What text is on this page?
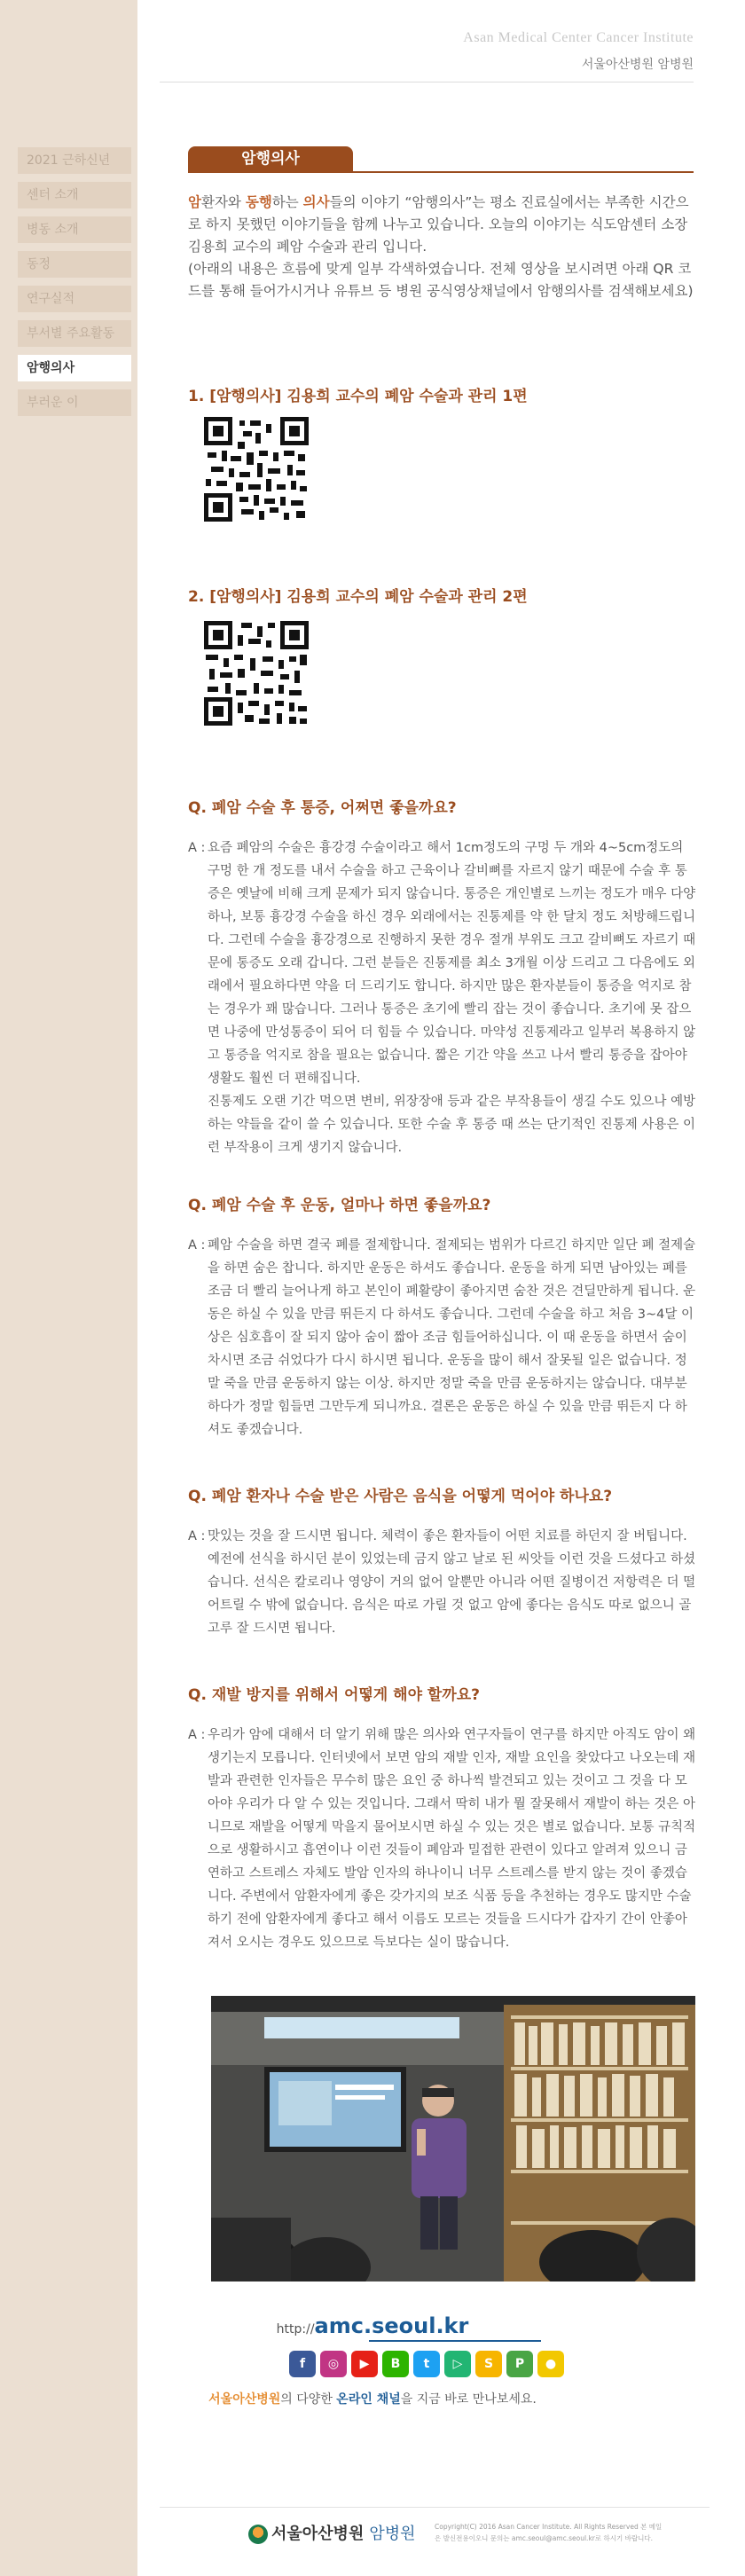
2021 근하신년
센터 소개
병동 소개
동정
연구실적
부서별 주요활동
암행의사
부러운 이
Asan Medical Center Cancer Institute
서울아산병원 암병원
암행의사
암환자와 동행하는 의사들의 이야기 “암행의사”는 평소 진료실에서는 부족한 시간으로 하지 못했던 이야기들을 함께 나누고 있습니다. 오늘의 이야기는 식도암센터 소장 김용희 교수의 폐암 수술과 관리 입니다.
(아래의 내용은 흐름에 맞게 일부 각색하였습니다. 전체 영상을 보시려면 아래 QR 코드를 통해 들어가시거나 유튜브 등 병원 공식영상채널에서 암행의사를 검색해보세요)
1. [암행의사] 김용희 교수의 폐암 수술과 관리 1편
2. [암행의사] 김용희 교수의 폐암 수술과 관리 2편
Q. 폐암 수술 후 통증, 어쩌면 좋을까요?
A : 요즘 폐암의 수술은 흉강경 수술이라고 해서 1cm정도의 구멍 두 개와 4~5cm정도의 구멍 한 개 정도를 내서 수술을 하고 근육이나 갈비뼈를 자르지 않기 때문에 수술 후 통증은 옛날에 비해 크게 문제가 되지 않습니다. 통증은 개인별로 느끼는 정도가 매우 다양하나, 보통 흉강경 수술을 하신 경우 외래에서는 진통제를 약 한 달치 정도 처방해드립니다. 그런데 수술을 흉강경으로 진행하지 못한 경우 절개 부위도 크고 갈비뼈도 자르기 때문에 통증도 오래 갑니다. 그런 분들은 진통제를 최소 3개월 이상 드리고 그 다음에도 외래에서 필요하다면 약을 더 드리기도 합니다. 하지만 많은 환자분들이 통증을 억지로 참는 경우가 꽤 많습니다. 그러나 통증은 초기에 빨리 잡는 것이 좋습니다. 초기에 못 잡으면 나중에 만성통증이 되어 더 힘들 수 있습니다. 마약성 진통제라고 일부러 복용하지 않고 통증을 억지로 참을 필요는 없습니다. 짧은 기간 약을 쓰고 나서 빨리 통증을 잡아야 생활도 훨씬 더 편해집니다.

진통제도 오랜 기간 먹으면 변비, 위장장애 등과 같은 부작용들이 생길 수도 있으나 예방하는 약들을 같이 쓸 수 있습니다. 또한 수술 후 통증 때 쓰는 단기적인 진통제 사용은 이런 부작용이 크게 생기지 않습니다.

Q. 폐암 수술 후 운동, 얼마나 하면 좋을까요?
A : 폐암 수술을 하면 결국 폐를 절제합니다. 절제되는 범위가 다르긴 하지만 일단 폐 절제술을 하면 숨은 찹니다. 하지만 운동은 하셔도 좋습니다. 운동을 하게 되면 남아있는 폐를 조금 더 빨리 늘어나게 하고 본인이 폐활량이 좋아지면 숨찬 것은 견딜만하게 됩니다. 운동은 하실 수 있을 만큼 뛰든지 다 하셔도 좋습니다. 그런데 수술을 하고 처음 3~4달 이상은 심호흡이 잘 되지 않아 숨이 짧아 조금 힘들어하십니다. 이 때 운동을 하면서 숨이 차시면 조금 쉬었다가 다시 하시면 됩니다. 운동을 많이 해서 잘못될 일은 없습니다. 정말 죽을 만큼 운동하지 않는 이상. 하지만 정말 죽을 만큼 운동하지는 않습니다. 대부분 하다가 정말 힘들면 그만두게 되니까요. 결론은 운동은 하실 수 있을 만큼 뛰든지 다 하셔도 좋겠습니다.

Q. 폐암 환자나 수술 받은 사람은 음식을 어떻게 먹어야 하나요?
A : 맛있는 것을 잘 드시면 됩니다. 체력이 좋은 환자들이 어떤 치료를 하던지 잘 버팁니다. 예전에 선식을 하시던 분이 있었는데 금지 않고 날로 된 씨앗들 이런 것을 드셨다고 하셨습니다. 선식은 칼로리나 영양이 거의 없어 알뿐만 아니라 어떤 질병이건 저항력은 더 떨어트릴 수 밖에 없습니다. 음식은 따로 가릴 것 없고 암에 좋다는 음식도 따로 없으니 골고루 잘 드시면 됩니다.

Q. 재발 방지를 위해서 어떻게 해야 할까요?
A : 우리가 암에 대해서 더 알기 위해 많은 의사와 연구자들이 연구를 하지만 아직도 암이 왜 생기는지 모릅니다. 인터넷에서 보면 암의 재발 인자, 재발 요인을 찾았다고 나오는데 재발과 관련한 인자들은 무수히 많은 요인 중 하나씩 발견되고 있는 것이고 그 것을 다 모아야 우리가 다 알 수 있는 것입니다. 그래서 딱히 내가 뭘 잘못해서 재발이 하는 것은 아니므로 재발을 어떻게 막을지 물어보시면 하실 수 있는 것은 별로 없습니다. 보통 규칙적으로 생활하시고 흡연이나 이런 것들이 폐암과 밀접한 관련이 있다고 알려져 있으니 금연하고 스트레스 자체도 발암 인자의 하나이니 너무 스트레스를 받지 않는 것이 좋겠습니다. 주변에서 암환자에게 좋은 갖가지의 보조 식품 등을 추천하는 경우도 많지만 수술 하기 전에 암환자에게 좋다고 해서 이름도 모르는 것들을 드시다가 갑자기 간이 안좋아져서 오시는 경우도 있으므로 득보다는 실이 많습니다.

http://amc.seoul.kr
f	◎	▶	B	t	▷	S	P	●
서울아산병원의 다양한 온라인 채널을 지금 바로 만나보세요.
서울아산병원 암병원	Copyright(C) 2016 Asan Cancer Institute. All Rights Reserved 본 메일은 발신전용이오니 문의는 amc.seoul@amc.seoul.kr로 하시기 바랍니다.
